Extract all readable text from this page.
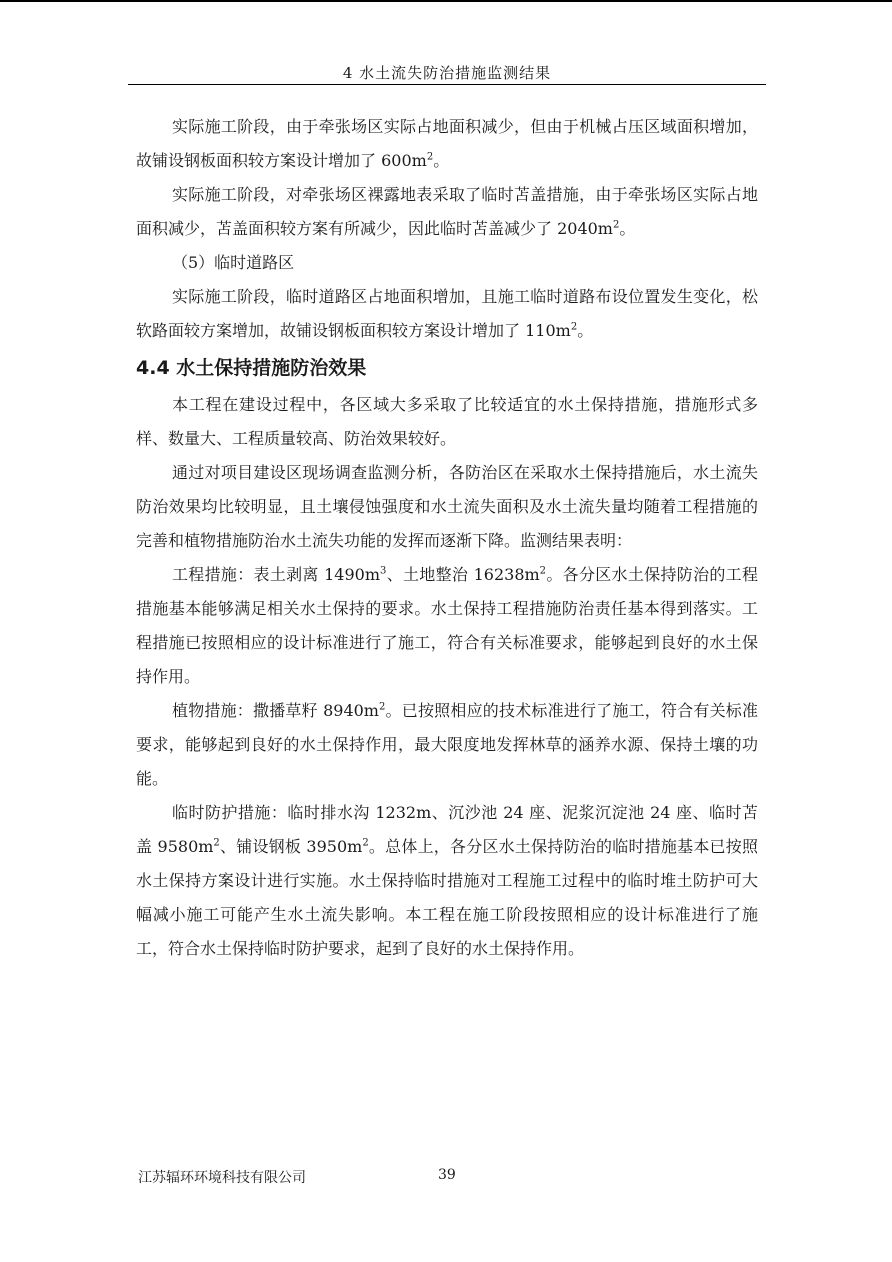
4 水土流失防治措施监测结果

实际施工阶段，由于牵张场区实际占地面积减少，但由于机械占压区域面积增加，故铺设钢板面积较方案设计增加了 $600m^2$。

实际施工阶段，对牵张场区裸露地表采取了临时苫盖措施，由于牵张场区实际占地面积减少，苫盖面积较方案有所减少，因此临时苫盖减少了 $2040m^2$。

（5）临时道路区

实际施工阶段，临时道路区占地面积增加，且施工临时道路布设位置发生变化，松软路面较方案增加，故铺设钢板面积较方案设计增加了 $110m^2$。

4.4 水土保持措施防治效果

本工程在建设过程中，各区域大多采取了比较适宜的水土保持措施，措施形式多样、数量大、工程质量较高、防治效果较好。

通过对项目建设区现场调查监测分析，各防治区在采取水土保持措施后，水土流失防治效果均比较明显，且土壤侵蚀强度和水土流失面积及水土流失量均随着工程措施的完善和植物措施防治水土流失功能的发挥而逐渐下降。监测结果表明：

工程措施：表土剥离 $1490m^3$、土地整治 $16238m^2$。各分区水土保持防治的工程措施基本能够满足相关水土保持的要求。水土保持工程措施防治责任基本得到落实。工程措施已按照相应的设计标准进行了施工，符合有关标准要求，能够起到良好的水土保持作用。

植物措施：撒播草籽 $8940m^2$。已按照相应的技术标准进行了施工，符合有关标准要求，能够起到良好的水土保持作用，最大限度地发挥林草的涵养水源、保持土壤的功能。

临时防护措施：临时排水沟 1232m、沉沙池 24 座、泥浆沉淀池 24 座、临时苫盖 $9580m^2$、铺设钢板 $3950m^2$。总体上，各分区水土保持防治的临时措施基本已按照水土保持方案设计进行实施。水土保持临时措施对工程施工过程中的临时堆土防护可大幅减小施工可能产生水土流失影响。本工程在施工阶段按照相应的设计标准进行了施工，符合水土保持临时防护要求，起到了良好的水土保持作用。

江苏辐环环境科技有限公司	39
